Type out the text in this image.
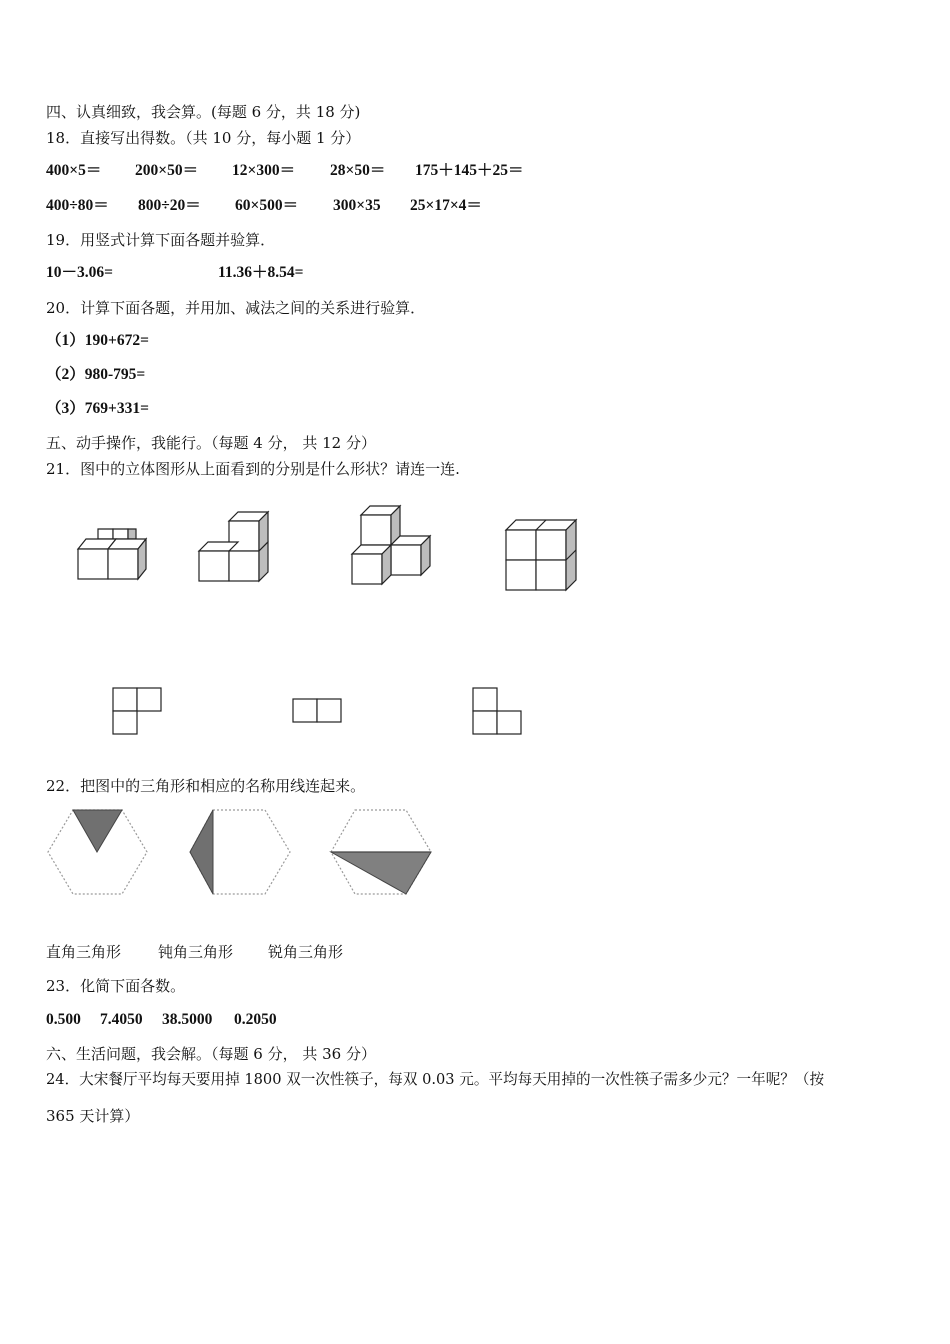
四、认真细致，我会算。(每题 6 分，共 18 分)
18．直接写出得数。（共 10 分，每小题 1 分）
400×5＝ 200×50＝ 12×300＝ 28×50＝ 175＋145＋25＝
400÷80＝ 800÷20＝ 60×500＝ 300×35 25×17×4＝
19．用竖式计算下面各题并验算．
10－3.06=	11.36＋8.54=
20．计算下面各题，并用加、减法之间的关系进行验算．
（1）190+672=
（2）980-795=
（3）769+331=
五、动手操作，我能行。（每题 4 分， 共 12 分）
21．图中的立体图形从上面看到的分别是什么形状？请连一连.
22．把图中的三角形和相应的名称用线连起来。
直角三角形 钝角三角形 锐角三角形
23．化简下面各数。
0.500 7.4050 38.5000 0.2050
六、生活问题，我会解。（每题 6 分， 共 36 分）
24．大宋餐厅平均每天要用掉 1800 双一次性筷子，每双 0.03 元。平均每天用掉的一次性筷子需多少元？一年呢？（按
365 天计算）
